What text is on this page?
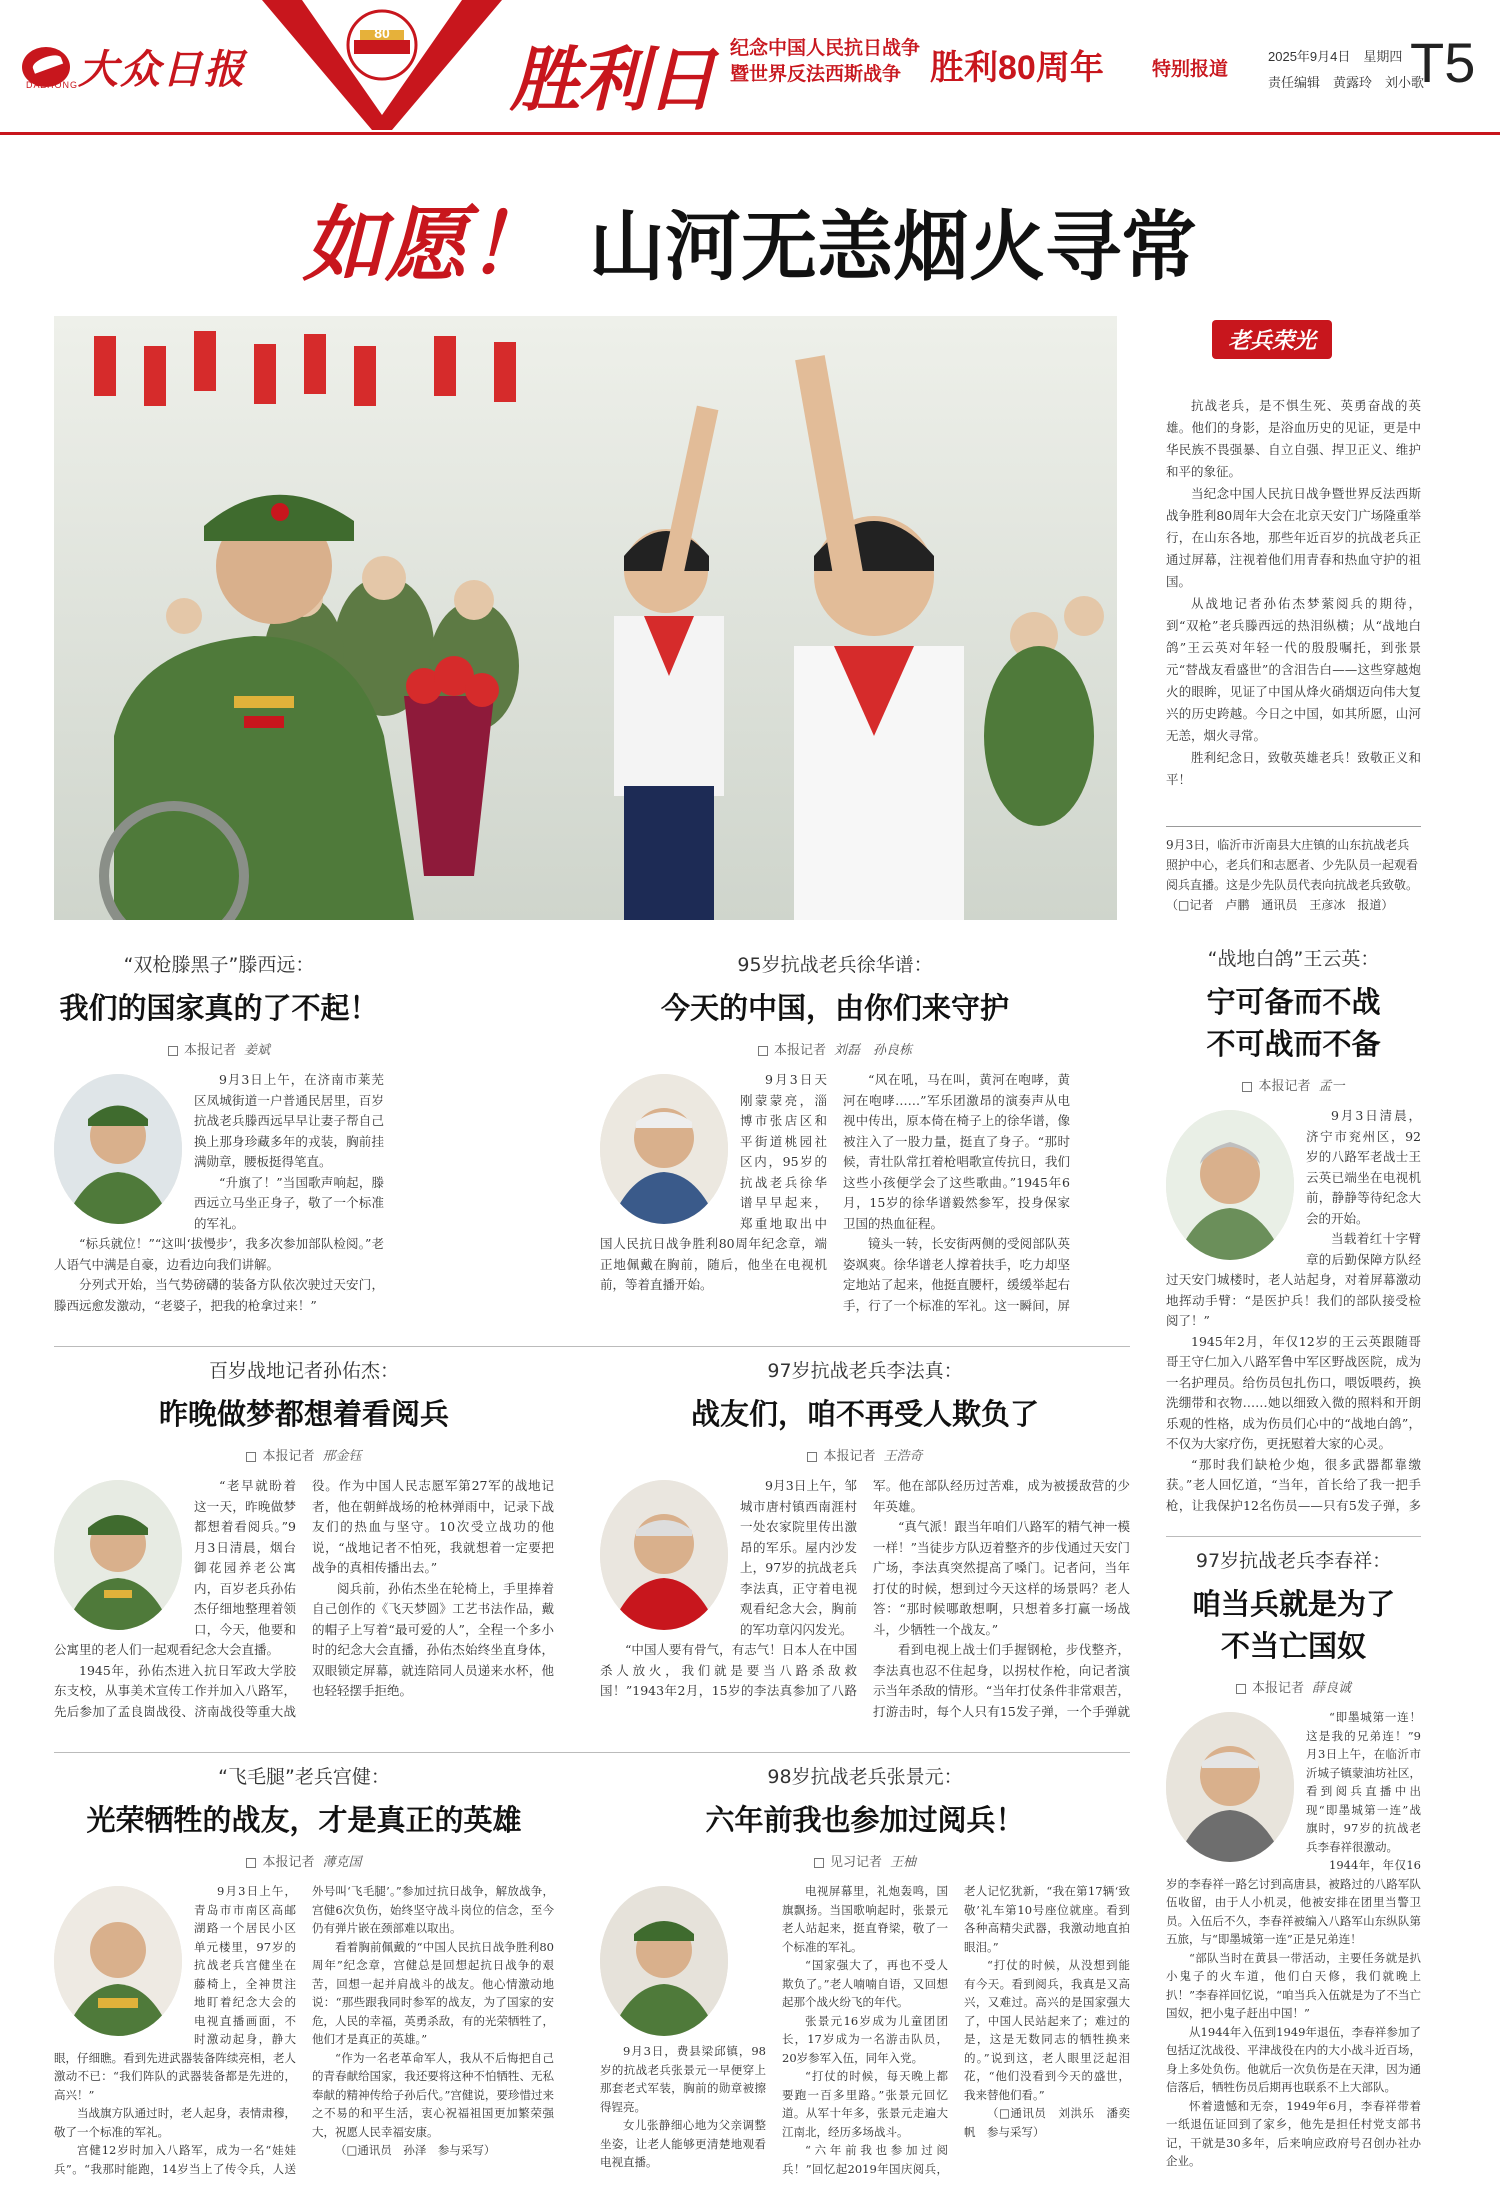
大众日报
DAZHONG
80
胜利日 纪念中国人民抗日战争
暨世界反法西斯战争 胜利80周年	特别报道
2025年9月4日　星期四
责任编辑　黄露玲　刘小歌
T5
如愿！ 山河无恙烟火寻常
老兵荣光

抗战老兵，是不惧生死、英勇奋战的英雄。他们的身影，是浴血历史的见证，更是中华民族不畏强暴、自立自强、捍卫正义、维护和平的象征。

当纪念中国人民抗日战争暨世界反法西斯战争胜利80周年大会在北京天安门广场隆重举行，在山东各地，那些年近百岁的抗战老兵正通过屏幕，注视着他们用青春和热血守护的祖国。

从战地记者孙佑杰梦萦阅兵的期待，到“双枪”老兵滕西远的热泪纵横；从“战地白鸽”王云英对年轻一代的殷殷嘱托，到张景元“替战友看盛世”的含泪告白——这些穿越炮火的眼眸，见证了中国从烽火硝烟迈向伟大复兴的历史跨越。今日之中国，如其所愿，山河无恙，烟火寻常。

胜利纪念日，致敬英雄老兵！致敬正义和平！

9月3日，临沂市沂南县大庄镇的山东抗战老兵照护中心，老兵们和志愿者、少先队员一起观看阅兵直播。这是少先队员代表向抗战老兵致敬。（□记者　卢鹏　通讯员　王彦冰　报道）
“双枪滕黑子”滕西远：
我们的国家真的了不起！
本报记者 姜斌

9月3日上午，在济南市莱芜区凤城街道一户普通民居里，百岁抗战老兵滕西远早早让妻子帮自己换上那身珍藏多年的戎装，胸前挂满勋章，腰板挺得笔直。

“升旗了！”当国歌声响起，滕西远立马坐正身子，敬了一个标准的军礼。

“标兵就位！”“这叫‘拔慢步’，我多次参加部队检阅。”老人语气中满是自豪，边看边向我们讲解。

分列式开始，当气势磅礴的装备方队依次驶过天安门，滕西远愈发激动，“老婆子，把我的枪拿过来！”

95岁抗战老兵徐华谱：
今天的中国，由你们来守护
本报记者 刘磊　孙良栋

9月3日天刚蒙蒙亮，淄博市张店区和平街道桃园社区内，95岁的抗战老兵徐华谱早早起来，郑重地取出中国人民抗日战争胜利80周年纪念章，端正地佩戴在胸前，随后，他坐在电视机前，等着直播开始。

“风在吼，马在叫，黄河在咆哮，黄河在咆哮……”军乐团激昂的演奏声从电视中传出，原本倚在椅子上的徐华谱，像被注入了一股力量，挺直了身子。“那时候，青壮队常扛着枪唱歌宣传抗日，我们这些小孩便学会了这些歌曲。”1945年6月，15岁的徐华谱毅然参军，投身保家卫国的热血征程。

镜头一转，长安街两侧的受阅部队英姿飒爽。徐华谱老人撑着扶手，吃力却坚定地站了起来，他挺直腰杆，缓缓举起右手，行了一个标准的军礼。这一瞬间，屏

“战地白鸽”王云英：
宁可备而不战
不可战而不备
本报记者 孟一

9月3日清晨，济宁市兖州区，92岁的八路军老战士王云英已端坐在电视机前，静静等待纪念大会的开始。

当载着红十字臂章的后勤保障方队经过天安门城楼时，老人站起身，对着屏幕激动地挥动手臂：“是医护兵！我们的部队接受检阅了！”

1945年2月，年仅12岁的王云英跟随哥哥王守仁加入八路军鲁中军区野战医院，成为一名护理员。给伤员包扎伤口，喂饭喂药，换洗绷带和衣物……她以细致入微的照料和开朗乐观的性格，成为伤员们心中的“战地白鸽”，不仅为大家疗伤，更抚慰着大家的心灵。

“那时我们缺枪少炮，很多武器都靠缴获。”老人回忆道，“当年，首长给了我一把手枪，让我保护12名伤员——只有5发子弹，多

百岁战地记者孙佑杰：
昨晚做梦都想着看阅兵
本报记者 邢金钰

“老早就盼着这一天，昨晚做梦都想着看阅兵。”9月3日清晨，烟台御花园养老公寓内，百岁老兵孙佑杰仔细地整理着领口，今天，他要和公寓里的老人们一起观看纪念大会直播。

1945年，孙佑杰进入抗日军政大学胶东支校，从事美术宣传工作并加入八路军，先后参加了孟良崮战役、济南战役等重大战役。作为中国人民志愿军第27军的战地记者，他在朝鲜战场的枪林弹雨中，记录下战友们的热血与坚守。10次受立战功的他说，“战地记者不怕死，我就想着一定要把战争的真相传播出去。”

阅兵前，孙佑杰坐在轮椅上，手里捧着自己创作的《飞天梦圆》工艺书法作品，戴的帽子上写着“最可爱的人”，全程一个多小时的纪念大会直播，孙佑杰始终坐直身体，双眼锁定屏幕，就连陪同人员递来水杯，他也轻轻摆手拒绝。

97岁抗战老兵李法真：
战友们，咱不再受人欺负了
本报记者 王浩奇

9月3日上午，邹城市唐村镇西南涯村一处农家院里传出激昂的军乐。屋内沙发上，97岁的抗战老兵李法真，正守着电视观看纪念大会，胸前的军功章闪闪发光。

“中国人要有骨气，有志气！日本人在中国杀人放火，我们就是要当八路杀敌救国！”1943年2月，15岁的李法真参加了八路军。他在部队经历过苦难，成为被援敌营的少年英雄。

“真气派！跟当年咱们八路军的精气神一模一样！”当徒步方队迈着整齐的步伐通过天安门广场，李法真突然提高了嗓门。记者问，当年打仗的时候，想到过今天这样的场景吗？老人答：“那时候哪敢想啊，只想着多打赢一场战斗，少牺牲一个战友。”

看到电视上战士们手握钢枪，步伐整齐，李法真也忍不住起身，以拐杖作枪，向记者演示当年杀敌的情形。“当年打仗条件非常艰苦，打游击时，每个人只有15发子弹，一个手弹就

97岁抗战老兵李春祥：
咱当兵就是为了
不当亡国奴
本报记者 薛良诚

“即墨城第一连！这是我的兄弟连！”9月3日上午，在临沂市沂城子镇蒙油坊社区，看到阅兵直播中出现“即墨城第一连”战旗时，97岁的抗战老兵李春祥很激动。

1944年，年仅16岁的李春祥一路乞讨到高唐县，被路过的八路军队伍收留，由于人小机灵，他被安排在团里当警卫员。入伍后不久，李春祥被编入八路军山东纵队第五旅，与“即墨城第一连”正是兄弟连！

“部队当时在黄县一带活动，主要任务就是扒小鬼子的火车道，他们白天修，我们就晚上扒！”李春祥回忆说，“咱当兵入伍就是为了不当亡国奴，把小鬼子赶出中国！”

从1944年入伍到1949年退伍，李春祥参加了包括辽沈战役、平津战役在内的大小战斗近百场，身上多处负伤。他就后一次负伤是在天津，因为通信落后，牺牲伤员后期再也联系不上大部队。

怀着遗憾和无奈，1949年6月，李春祥带着一纸退伍证回到了家乡，他先是担任村党支部书记，干就是30多年，后来响应政府号召创办社办企业。

“飞毛腿”老兵宫健：
光荣牺牲的战友，才是真正的英雄
本报记者 薄克国

9月3日上午，青岛市市南区高邮湖路一个居民小区单元楼里，97岁的抗战老兵宫健坐在藤椅上，全神贯注地盯着纪念大会的电视直播画面，不时激动起身，静大眼，仔细瞧。看到先进武器装备阵续亮相，老人激动不已：“我们阵队的武器装备都是先进的，高兴！”

当战旗方队通过时，老人起身，表情肃穆，敬了一个标准的军礼。

宫健12岁时加入八路军，成为一名“娃娃兵”。“我那时能跑，14岁当上了传令兵，人送外号叫‘飞毛腿’。”参加过抗日战争，解放战争，宫健6次负伤，始终坚守战斗岗位的信念，至今仍有弹片嵌在颈部难以取出。

看着胸前佩戴的“中国人民抗日战争胜利80周年”纪念章，宫健总是回想起抗日战争的艰苦，回想一起并肩战斗的战友。他心情激动地说：“那些跟我同时参军的战友，为了国家的安危，人民的幸福，英勇杀敌，有的光荣牺牲了，他们才是真正的英雄。”

“作为一名老革命军人，我从不后悔把自己的青春献给国家，我还要将这种不怕牺牲、无私奉献的精神传给子孙后代。”宫健说，要珍惜过来之不易的和平生活，衷心祝福祖国更加繁荣强大，祝愿人民幸福安康。

（□通讯员　孙泽　参与采写）

98岁抗战老兵张景元：
六年前我也参加过阅兵！
见习记者 王柚

9月3日，费县梁邱镇，98岁的抗战老兵张景元一早便穿上那套老式军装，胸前的勋章被擦得锃亮。

女儿张静细心地为父亲调整坐姿，让老人能够更清楚地观看电视直播。

电视屏幕里，礼炮轰鸣，国旗飘扬。当国歌响起时，张景元老人站起来，挺直脊梁，敬了一个标准的军礼。

“国家强大了，再也不受人欺负了。”老人喃喃自语，又回想起那个战火纷飞的年代。

张景元16岁成为儿童团团长，17岁成为一名游击队员，20岁参军入伍，同年入党。

“打仗的时候，每天晚上都要跑一百多里路。”张景元回忆道。从军十年多，张景元走遍大江南北，经历多场战斗。

“六年前我也参加过阅兵！”回忆起2019年国庆阅兵，老人记忆犹新，“我在第17辆‘致敬’礼车第10号座位就座。看到各种高精尖武器，我激动地直拍眼泪。”

“打仗的时候，从没想到能有今天。看到阅兵，我真是又高兴，又难过。高兴的是国家强大了，中国人民站起来了；难过的是，这是无数同志的牺牲换来的。”说到这，老人眼里泛起泪花，“他们没看到今天的盛世，我来替他们看。”

（□通讯员　刘洪乐　潘奕帆　参与采写）
